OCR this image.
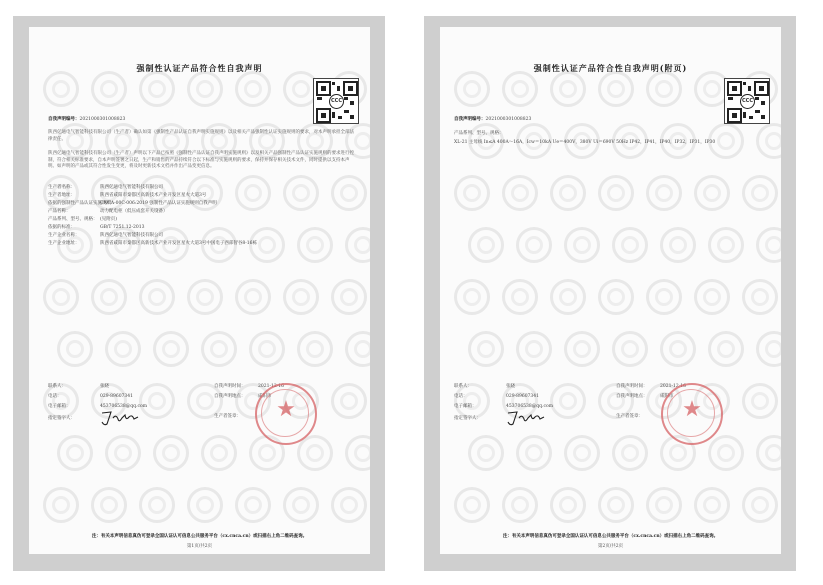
强制性认证产品符合性自我声明
CCC
自我声明编号：2021000301008823
陕西亿通电气智能科技有限公司（生产者）确认如第《强制性产品认证自我声明实施规则》以及相关产品强制性认证实施规则的要求，对本声明承担全部法律责任。
陕西亿通电气智能科技有限公司（生产者）声明以下产品已按照《强制性产品认证自我声明实施规则》以及相关产品强制性产品认证实施规则的要求进行控制，符合相关标准要求，自本声明签署之日起，生产和销售的产品持续符合以下标准与实施规则的要求，保持并保存相关技术文件，同时提供以支持本声明。如声明的产品或其符合性发生变更，将及时更新技术文档并作出产品变更信息。
生产者名称：	陕西亿通电气智能科技有限公司
生产者地址：	陕西省咸阳市秦都区高新技术产业开发区星火大道3号
依据的强制性产品认证实施规则：CNCA-00C-006:2019 强制性产品认证实施规则自我声明
产品名称：	动力配电柜（低压成套开关设备）
产品系列、型号、规格： (见附页)
依据的标准：	GB/T 7251.12-2013
生产企业名称：	陕西亿通电气智能科技有限公司
生产企业地址：	陕西省咸阳市秦都区高新技术产业开发区星火大道3号中国电子西部智谷8-16栋
联系人：	张晓
电话：	029-89607341
电子邮箱：	453706538@qq.com
指定签字人：
自我声明时间：	2021-12-16
自我声明地点：	咸阳市
生产者签章：	★
注：有关本声明信息真伪可登录全国认证认可信息公共服务平台（cx.cnca.cn）或扫描右上角二维码查询。
第1页/共2页
强制性认证产品符合性自我声明(附页)
CCC
自我声明编号：2021000301008823
产品系列、型号、规格：
XL-21 主母线 In≤A 400A～16A，Icw＝10kA Ue＝400V，380V Ui＝690V 50Hz IP42，IP41，IP40，IP32，IP31，IP30
联系人：	张晓
电话：	029-89607341
电子邮箱：	453706538@qq.com
指定签字人：
自我声明时间：	2021-12-16
自我声明地点：	咸阳市
生产者签章：	★
注：有关本声明信息真伪可登录全国认证认可信息公共服务平台（cx.cnca.cn）或扫描右上角二维码查询。
第2页/共2页
